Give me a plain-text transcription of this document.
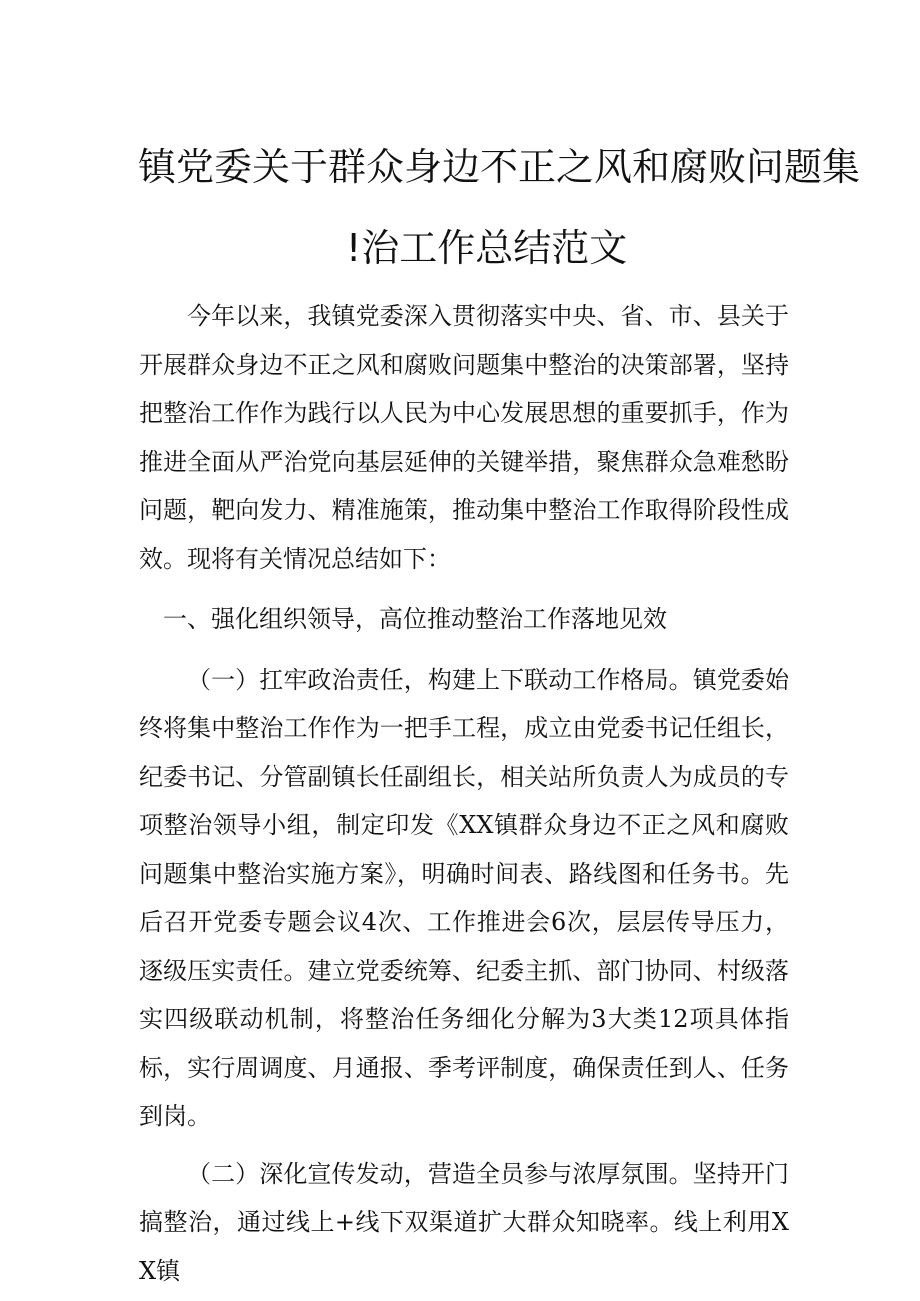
镇党委关于群众身边不正之风和腐败问题集
!治工作总结范文

今年以来，我镇党委深入贯彻落实中央、省、市、县关于开展群众身边不正之风和腐败问题集中整治的决策部署，坚持把整治工作作为践行以人民为中心发展思想的重要抓手，作为推进全面从严治党向基层延伸的关键举措，聚焦群众急难愁盼问题，靶向发力、精准施策，推动集中整治工作取得阶段性成效。现将有关情况总结如下：

一、强化组织领导，高位推动整治工作落地见效

（一）扛牢政治责任，构建上下联动工作格局。镇党委始终将集中整治工作作为一把手工程，成立由党委书记任组长，纪委书记、分管副镇长任副组长，相关站所负责人为成员的专项整治领导小组，制定印发《XX镇群众身边不正之风和腐败问题集中整治实施方案》，明确时间表、路线图和任务书。先后召开党委专题会议4次、工作推进会6次，层层传导压力，逐级压实责任。建立党委统筹、纪委主抓、部门协同、村级落实四级联动机制，将整治任务细化分解为3大类12项具体指标，实行周调度、月通报、季考评制度，确保责任到人、任务到岗。

（二）深化宣传发动，营造全员参与浓厚氛围。坚持开门搞整治，通过线上+线下双渠道扩大群众知晓率。线上利用XX镇
